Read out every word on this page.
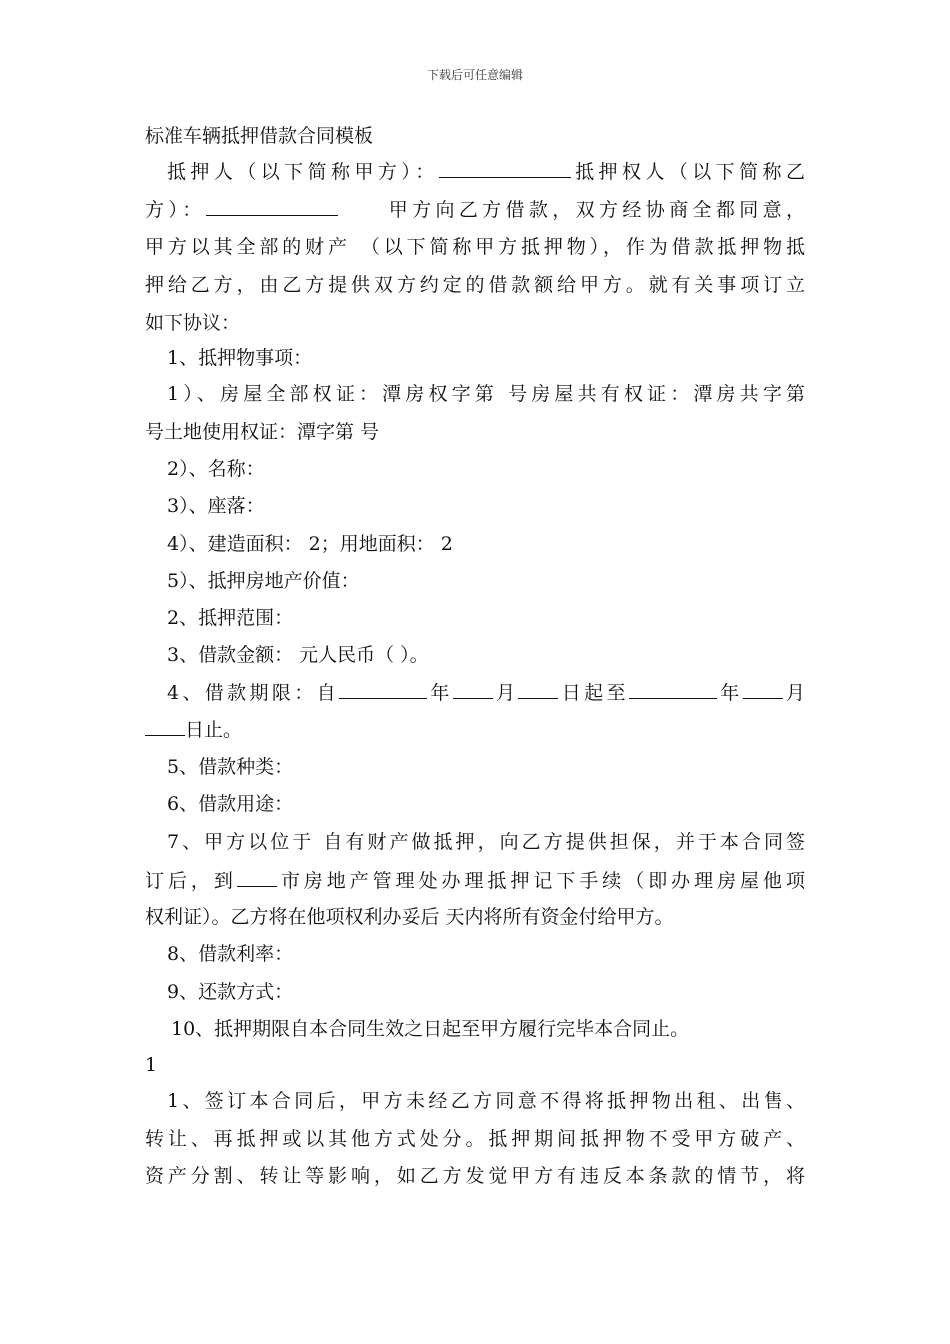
下载后可任意编辑
标准车辆抵押借款合同模板
抵押人（以下简称甲方）：	抵押权人（以下简称乙
方）：	　　甲方向乙方借款，双方经协商全都同意，
甲方以其全部的财产 （以下简称甲方抵押物），作为借款抵押物抵
押给乙方，由乙方提供双方约定的借款额给甲方。就有关事项订立
如下协议：
1、抵押物事项：
1）、房屋全部权证：潭房权字第 号房屋共有权证：潭房共字第
号土地使用权证：潭字第 号
2）、名称：
3）、座落：
4）、建造面积： 2；用地面积： 2
5）、抵押房地产价值：
2、抵押范围：
3、借款金额： 元人民币（ ）。
4、借款期限：自	年 月 日起至	年 月
日止。
5、借款种类：
6、借款用途：
7、甲方以位于 自有财产做抵押，向乙方提供担保，并于本合同签
订后，到 市房地产管理处办理抵押记下手续（即办理房屋他项
权利证）。乙方将在他项权利办妥后 天内将所有资金付给甲方。
8、借款利率：
9、还款方式：
10、抵押期限自本合同生效之日起至甲方履行完毕本合同止。
1
1、签订本合同后，甲方未经乙方同意不得将抵押物出租、出售、
转让、再抵押或以其他方式处分。抵押期间抵押物不受甲方破产、
资产分割、转让等影响，如乙方发觉甲方有违反本条款的情节，将
